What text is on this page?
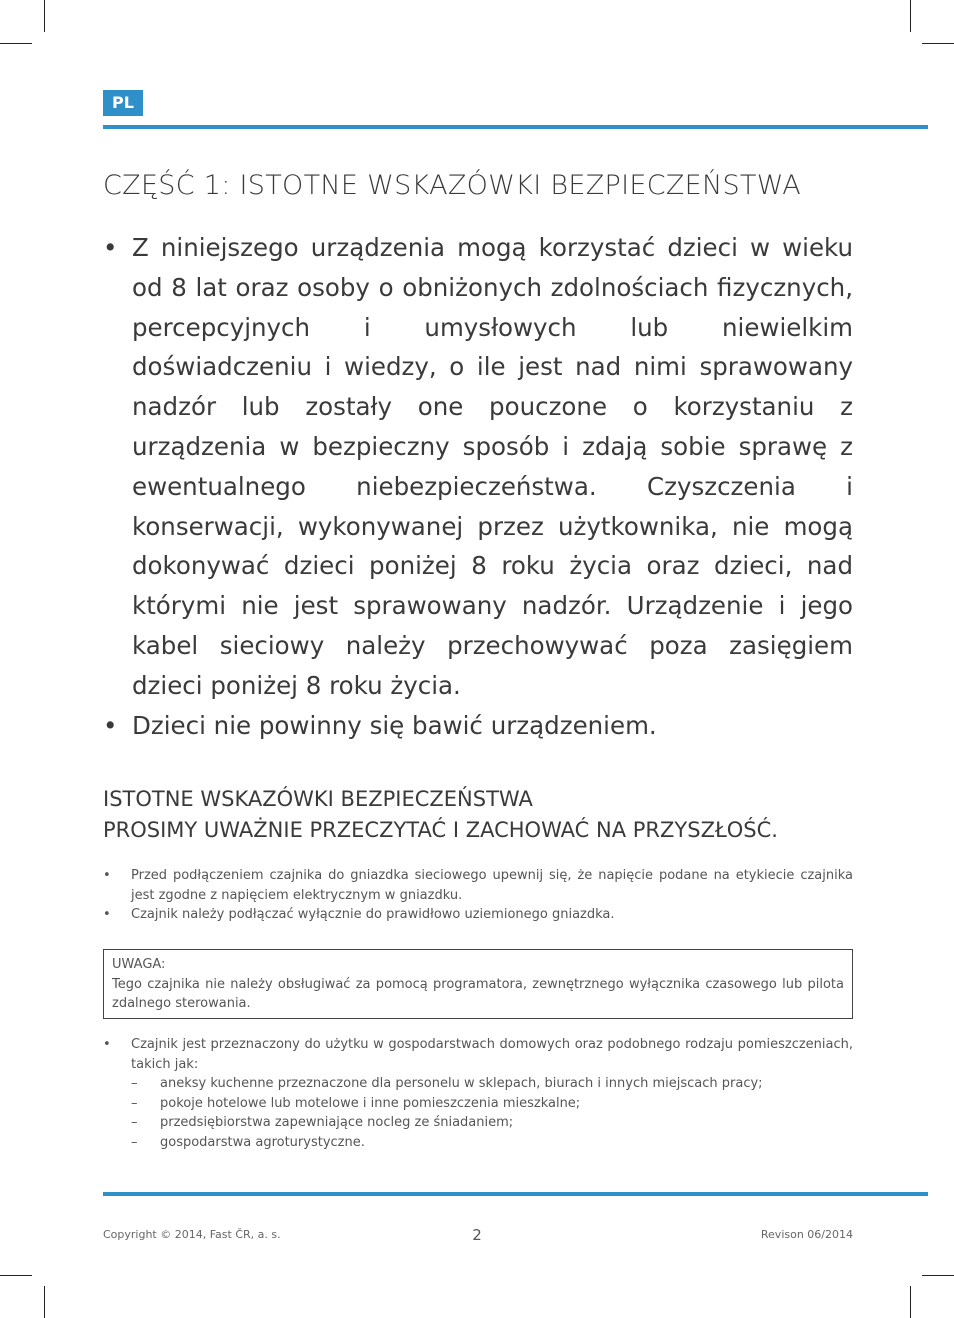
PL
CZĘŚĆ 1: ISTOTNE WSKAZÓWKI BEZPIECZEŃSTWA
• Z niniejszego urządzenia mogą korzystać dzieci w wieku od 8 lat oraz osoby o obniżonych zdolnościach fizycznych, percepcyjnych i umysłowych lub niewielkim doświadczeniu i wiedzy, o ile jest nad nimi sprawowany nadzór lub zostały one pouczone o korzystaniu z urządzenia w bezpieczny sposób i zdają sobie sprawę z ewentualnego niebezpieczeństwa. Czyszczenia i konserwacji, wykonywanej przez użytkownika, nie mogą dokonywać dzieci poniżej 8 roku życia oraz dzieci, nad którymi nie jest sprawowany nadzór. Urządzenie i jego kabel sieciowy należy przechowywać poza zasięgiem dzieci poniżej 8 roku życia.
• Dzieci nie powinny się bawić urządzeniem.
ISTOTNE WSKAZÓWKI BEZPIECZEŃSTWA
PROSIMY UWAŻNIE PRZECZYTAĆ I ZACHOWAĆ NA PRZYSZŁOŚĆ.
• Przed podłączeniem czajnika do gniazdka sieciowego upewnij się, że napięcie podane na etykiecie czajnika jest zgodne z napięciem elektrycznym w gniazdku.
• Czajnik należy podłączać wyłącznie do prawidłowo uziemionego gniazdka.
UWAGA:
Tego czajnika nie należy obsługiwać za pomocą programatora, zewnętrznego wyłącznika czasowego lub pilota zdalnego sterowania.
• Czajnik jest przeznaczony do użytku w gospodarstwach domowych oraz podobnego rodzaju pomieszczeniach, takich jak:
– aneksy kuchenne przeznaczone dla personelu w sklepach, biurach i innych miejscach pracy;
– pokoje hotelowe lub motelowe i inne pomieszczenia mieszkalne;
– przedsiębiorstwa zapewniające nocleg ze śniadaniem;
– gospodarstwa agroturystyczne.
Copyright © 2014, Fast ČR, a. s.	2	Revison 06/2014
